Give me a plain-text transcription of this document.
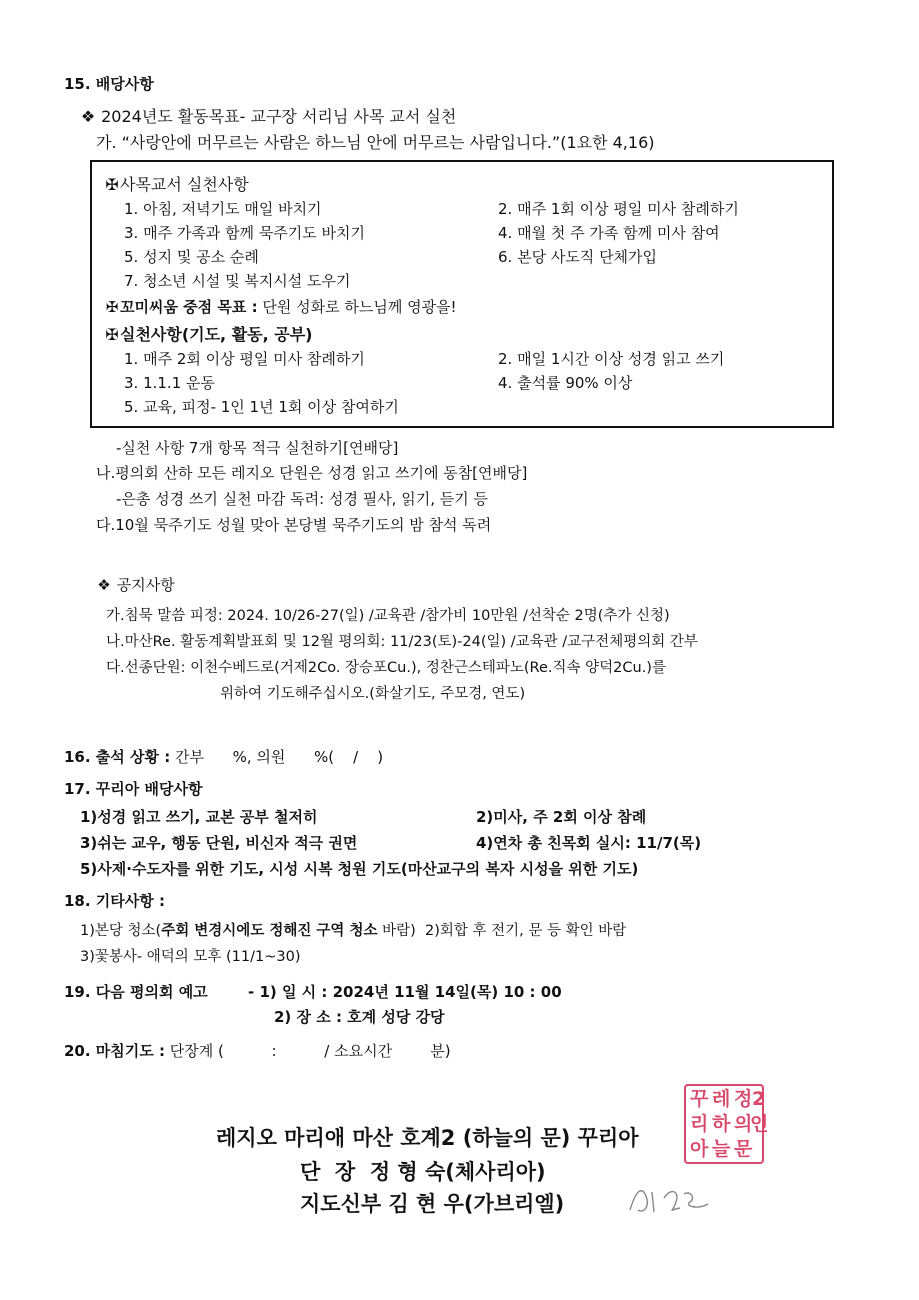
15. 배당사항
❖ 2024년도 활동목표- 교구장 서리님 사목 교서 실천
가. “사랑안에 머무르는 사람은 하느님 안에 머무르는 사람입니다.”(1요한 4,16)
✠사목교서 실천사항
1. 아침, 저녁기도 매일 바치기	2. 매주 1회 이상 평일 미사 참례하기
3. 매주 가족과 함께 묵주기도 바치기	4. 매월 첫 주 가족 함께 미사 참여
5. 성지 및 공소 순례	6. 본당 사도직 단체가입
7. 청소년 시설 및 복지시설 도우기
✠ 꼬미씨움 중점 목표 : 단원 성화로 하느님께 영광을!
✠실천사항(기도, 활동, 공부)
1. 매주 2회 이상 평일 미사 참례하기	2. 매일 1시간 이상 성경 읽고 쓰기
3. 1.1.1 운동	4. 출석률 90% 이상
5. 교육, 피정- 1인 1년 1회 이상 참여하기
-실천 사항 7개 항목 적극 실천하기[연배당]
나.평의회 산하 모든 레지오 단원은 성경 읽고 쓰기에 동참[연배당]
-은총 성경 쓰기 실천 마감 독려: 성경 필사, 읽기, 듣기 등
다.10월 묵주기도 성월 맞아 본당별 묵주기도의 밤 참석 독려
❖ 공지사항
가.침묵 말씀 피정: 2024. 10/26-27(일) /교육관 /참가비 10만원 /선착순 2명(추가 신청)
나.마산Re. 활동계획발표회 및 12월 평의회: 11/23(토)-24(일) /교육관 /교구전체평의회 간부
다.선종단원: 이천수베드로(거제2Co. 장승포Cu.), 정찬근스테파노(Re.직속 양덕2Cu.)를
위하여 기도해주십시오.(화살기도, 주모경, 연도)
16. 출석 상황 : 간부      %, 의원      %(    /    )
17. 꾸리아 배당사항
1)성경 읽고 쓰기, 교본 공부 철저히	2)미사, 주 2회 이상 참례
3)쉬는 교우, 행동 단원, 비신자 적극 권면	4)연차 총 친목회 실시: 11/7(목)
5)사제·수도자를 위한 기도, 시성 시복 청원 기도(마산교구의 복자 시성을 위한 기도)
18. 기타사항 :
1)본당 청소(주회 변경시에도 정해진 구역 청소 바람)  2)회합 후 전기, 문 등 확인 바람
3)꽃봉사- 애덕의 모후 (11/1~30)
19. 다음 평의회 예고	- 1) 일 시 : 2024년 11월 14일(목) 10 : 00
2) 장 소 : 호계 성당 강당
20. 마침기도 : 단장계 (          :          / 소요시간        분)
레지오 마리애 마산 호계2 (하늘의 문) 꾸리아
단  장  정 형 숙(체사리아)
지도신부 김 현 우(가브리엘)
꾸 레 정 2
리 하 의
아 늘 문
인
